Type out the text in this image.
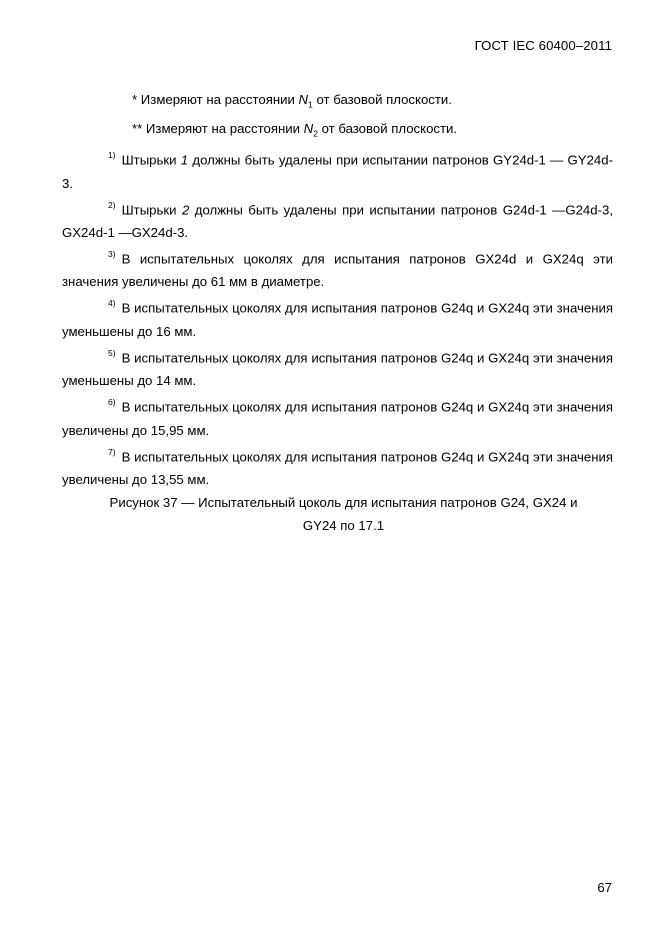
ГОСТ IEC 60400–2011

* Измеряют на расстоянии $N_1$ от базовой плоскости.

** Измеряют на расстоянии $N_2$ от базовой плоскости.

$^{1)}$ Штырьки 1 должны быть удалены при испытании патронов GY24d-1 — GY24d-3.

$^{2)}$ Штырьки 2 должны быть удалены при испытании патронов G24d-1 —G24d-3, GX24d-1 —GX24d-3.

$^{3)}$ В испытательных цоколях для испытания патронов GX24d и GX24q эти значения увеличены до 61 мм в диаметре.

$^{4)}$ В испытательных цоколях для испытания патронов G24q и GX24q эти значения уменьшены до 16 мм.

$^{5)}$ В испытательных цоколях для испытания патронов G24q и GX24q эти значения уменьшены до 14 мм.

$^{6)}$ В испытательных цоколях для испытания патронов G24q и GX24q эти значения увеличены до 15,95 мм.

$^{7)}$ В испытательных цоколях для испытания патронов G24q и GX24q эти значения увеличены до 13,55 мм.

Рисунок 37 — Испытательный цоколь для испытания патронов G24, GX24 и
GY24 по 17.1

67
